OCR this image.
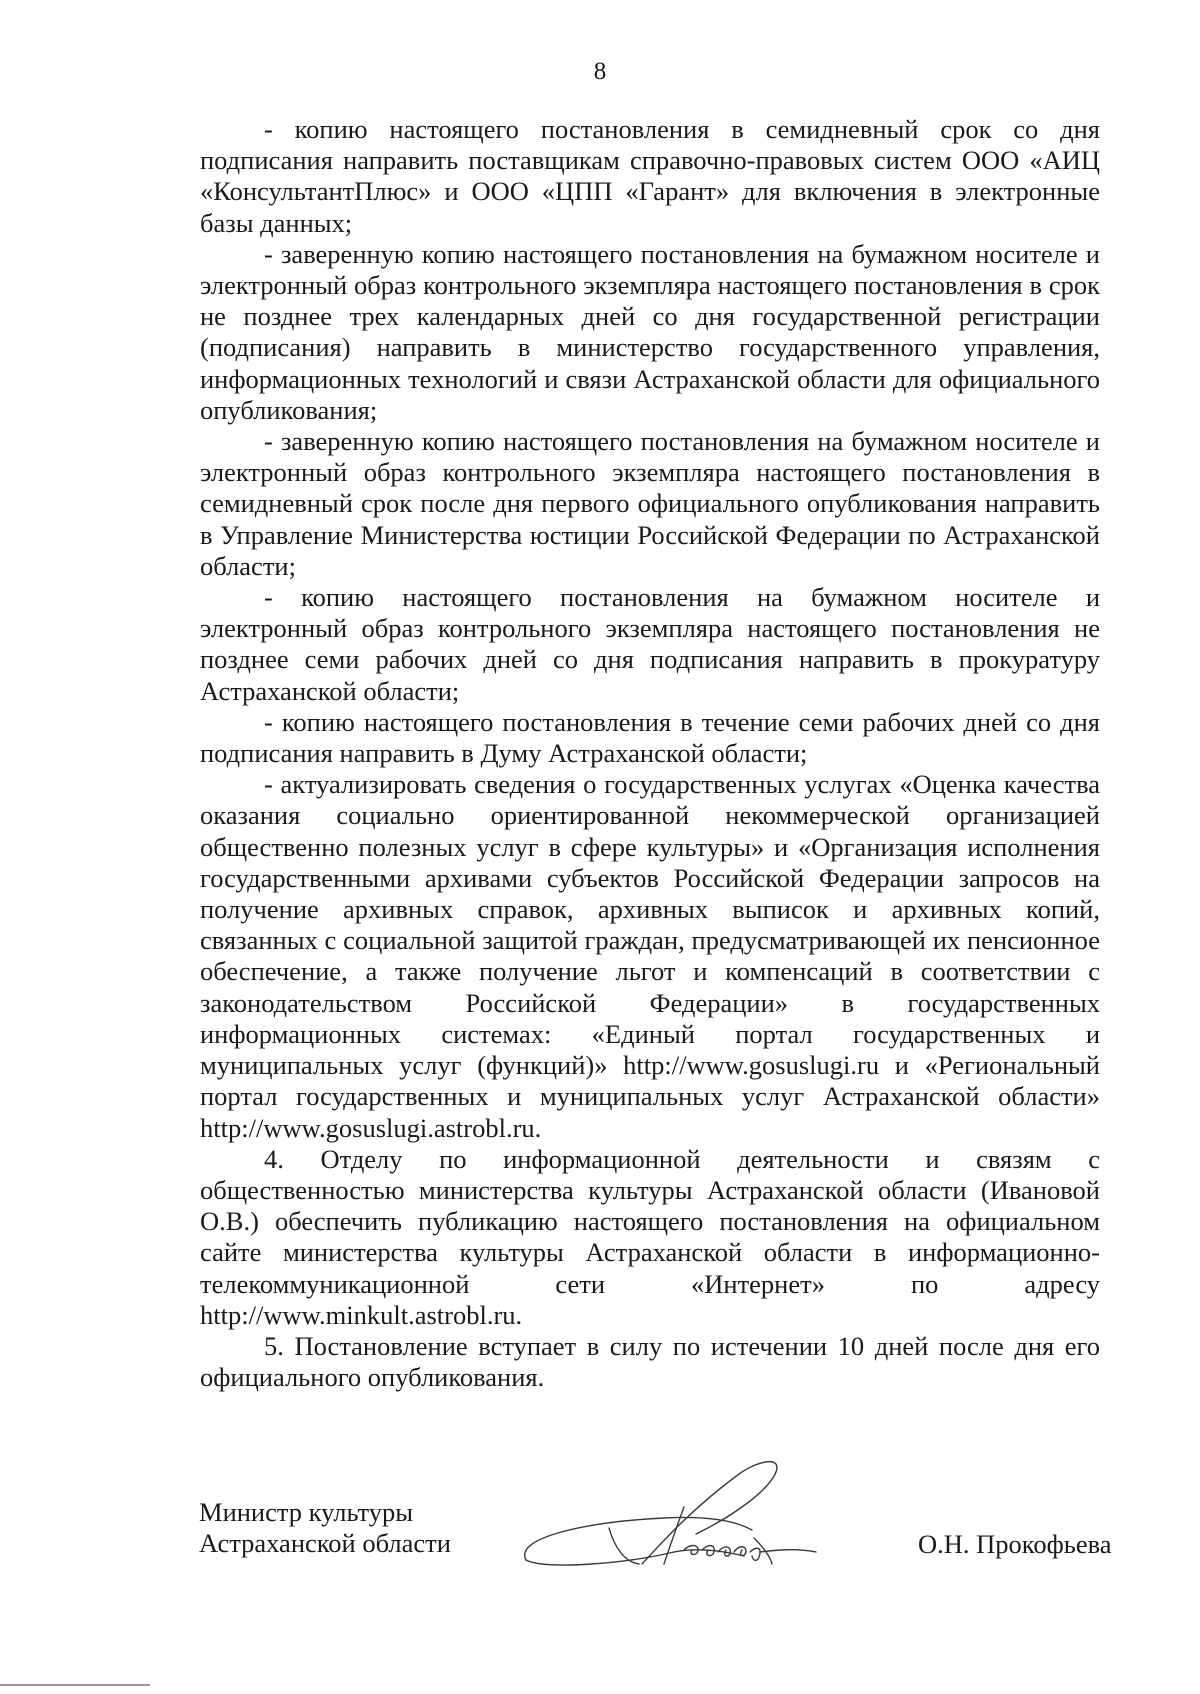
8

- копию настоящего постановления в семидневный срок со дня подписания направить поставщикам справочно-правовых систем ООО «АИЦ «КонсультантПлюс» и ООО «ЦПП «Гарант» для включения в электронные базы данных;

- заверенную копию настоящего постановления на бумажном носителе и электронный образ контрольного экземпляра настоящего постановления в срок не позднее трех календарных дней со дня государственной регистрации (подписания) направить в министерство государственного управления, информационных технологий и связи Астраханской области для официального опубликования;

- заверенную копию настоящего постановления на бумажном носителе и электронный образ контрольного экземпляра настоящего постановления в семидневный срок после дня первого официального опубликования направить в Управление Министерства юстиции Российской Федерации по Астраханской области;

- копию настоящего постановления на бумажном носителе и электронный образ контрольного экземпляра настоящего постановления не позднее семи рабочих дней со дня подписания направить в прокуратуру Астраханской области;

- копию настоящего постановления в течение семи рабочих дней со дня подписания направить в Думу Астраханской области;

- актуализировать сведения о государственных услугах «Оценка качества оказания социально ориентированной некоммерческой организацией общественно полезных услуг в сфере культуры» и «Организация исполнения государственными архивами субъектов Российской Федерации запросов на получение архивных справок, архивных выписок и архивных копий, связанных с социальной защитой граждан, предусматривающей их пенсионное обеспечение, а также получение льгот и компенсаций в соответствии с законодательством Российской Федерации» в государственных информационных системах: «Единый портал государственных и муниципальных услуг (функций)» http://www.gosuslugi.ru и «Региональный портал государственных и муниципальных услуг Астраханской области» http://www.gosuslugi.astrobl.ru.

4. Отделу по информационной деятельности и связям с общественностью министерства культуры Астраханской области (Ивановой О.В.) обеспечить публикацию настоящего постановления на официальном сайте министерства культуры Астраханской области в информационно-телекоммуникационной сети «Интернет» по адресу http://www.minkult.astrobl.ru.

5. Постановление вступает в силу по истечении 10 дней после дня его официального опубликования.

Министр культуры
Астраханской области	О.Н. Прокофьева
